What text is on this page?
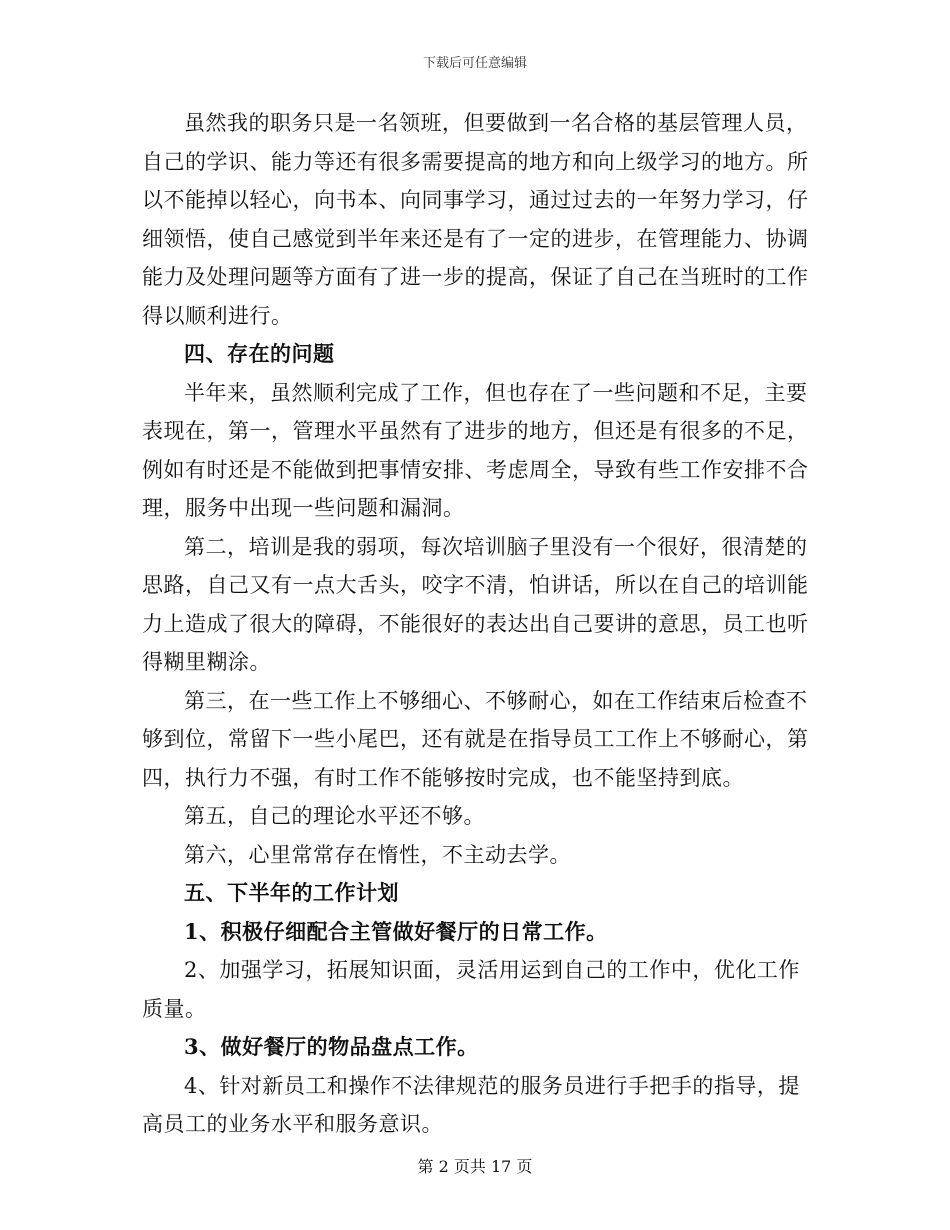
下载后可任意编辑

虽然我的职务只是一名领班，但要做到一名合格的基层管理人员，自己的学识、能力等还有很多需要提高的地方和向上级学习的地方。所以不能掉以轻心，向书本、向同事学习，通过过去的一年努力学习，仔细领悟，使自己感觉到半年来还是有了一定的进步，在管理能力、协调能力及处理问题等方面有了进一步的提高，保证了自己在当班时的工作得以顺利进行。

四、存在的问题

半年来，虽然顺利完成了工作，但也存在了一些问题和不足，主要表现在，第一，管理水平虽然有了进步的地方，但还是有很多的不足，例如有时还是不能做到把事情安排、考虑周全，导致有些工作安排不合理，服务中出现一些问题和漏洞。

第二，培训是我的弱项，每次培训脑子里没有一个很好，很清楚的思路，自己又有一点大舌头，咬字不清，怕讲话，所以在自己的培训能力上造成了很大的障碍，不能很好的表达出自己要讲的意思，员工也听得糊里糊涂。

第三，在一些工作上不够细心、不够耐心，如在工作结束后检查不够到位，常留下一些小尾巴，还有就是在指导员工工作上不够耐心，第四，执行力不强，有时工作不能够按时完成，也不能坚持到底。

第五，自己的理论水平还不够。

第六，心里常常存在惰性，不主动去学。

五、下半年的工作计划

1、积极仔细配合主管做好餐厅的日常工作。

2、加强学习，拓展知识面，灵活用运到自己的工作中，优化工作质量。

3、做好餐厅的物品盘点工作。

4、针对新员工和操作不法律规范的服务员进行手把手的指导，提高员工的业务水平和服务意识。

第 2 页共 17 页
